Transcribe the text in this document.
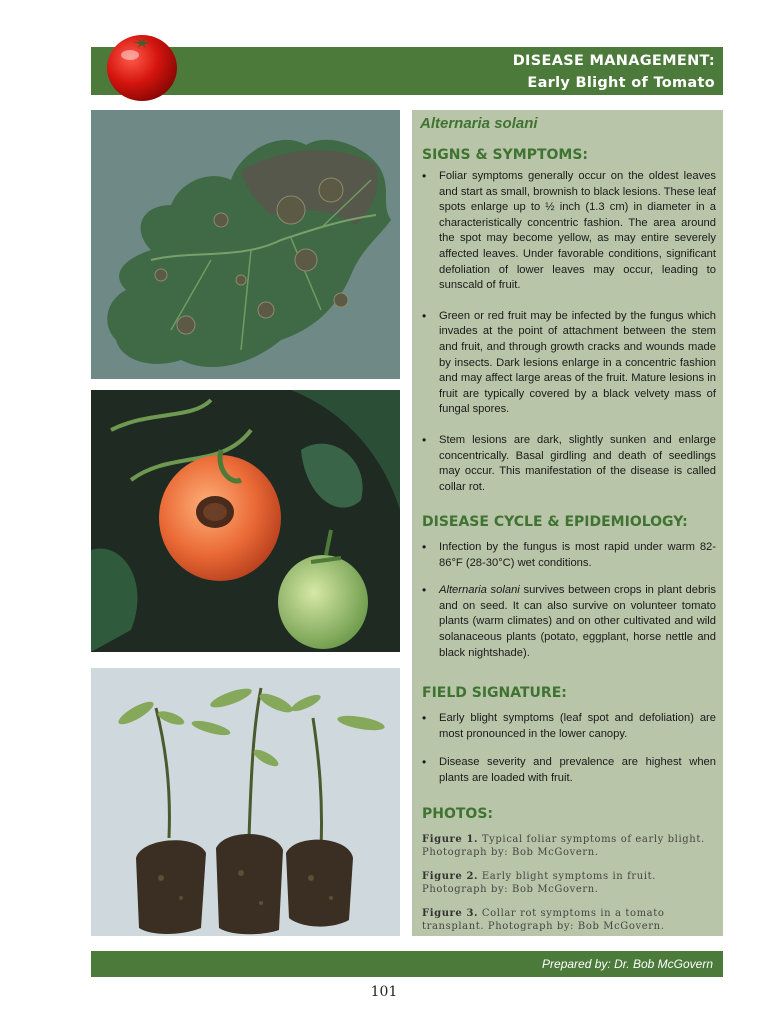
DISEASE MANAGEMENT:
Early Blight of Tomato
Alternaria solani
SIGNS & SYMPTOMS:
• Foliar symptoms generally occur on the oldest leaves and start as small, brownish to black lesions. These leaf spots enlarge up to ½ inch (1.3 cm) in diameter in a characteristically concentric fashion. The area around the spot may become yellow, as may entire severely affected leaves. Under favorable conditions, significant defoliation of lower leaves may occur, leading to sunscald of fruit.
• Green or red fruit may be infected by the fungus which invades at the point of attachment between the stem and fruit, and through growth cracks and wounds made by insects. Dark lesions enlarge in a concentric fashion and may affect large areas of the fruit. Mature lesions in fruit are typically covered by a black velvety mass of fungal spores.
• Stem lesions are dark, slightly sunken and enlarge concentrically. Basal girdling and death of seedlings may occur. This manifestation of the disease is called collar rot.
DISEASE CYCLE & EPIDEMIOLOGY:
• Infection by the fungus is most rapid under warm 82-86°F (28-30°C) wet conditions.
• Alternaria solani survives between crops in plant debris and on seed. It can also survive on volunteer tomato plants (warm climates) and on other cultivated and wild solanaceous plants (potato, eggplant, horse nettle and black nightshade).
FIELD SIGNATURE:
• Early blight symptoms (leaf spot and defoliation) are most pronounced in the lower canopy.
• Disease severity and prevalence are highest when plants are loaded with fruit.
PHOTOS:
Figure 1. Typical foliar symptoms of early blight. Photograph by: Bob McGovern.
Figure 2. Early blight symptoms in fruit. Photograph by: Bob McGovern.
Figure 3. Collar rot symptoms in a tomato transplant. Photograph by: Bob McGovern.
Prepared by: Dr. Bob McGovern
101
